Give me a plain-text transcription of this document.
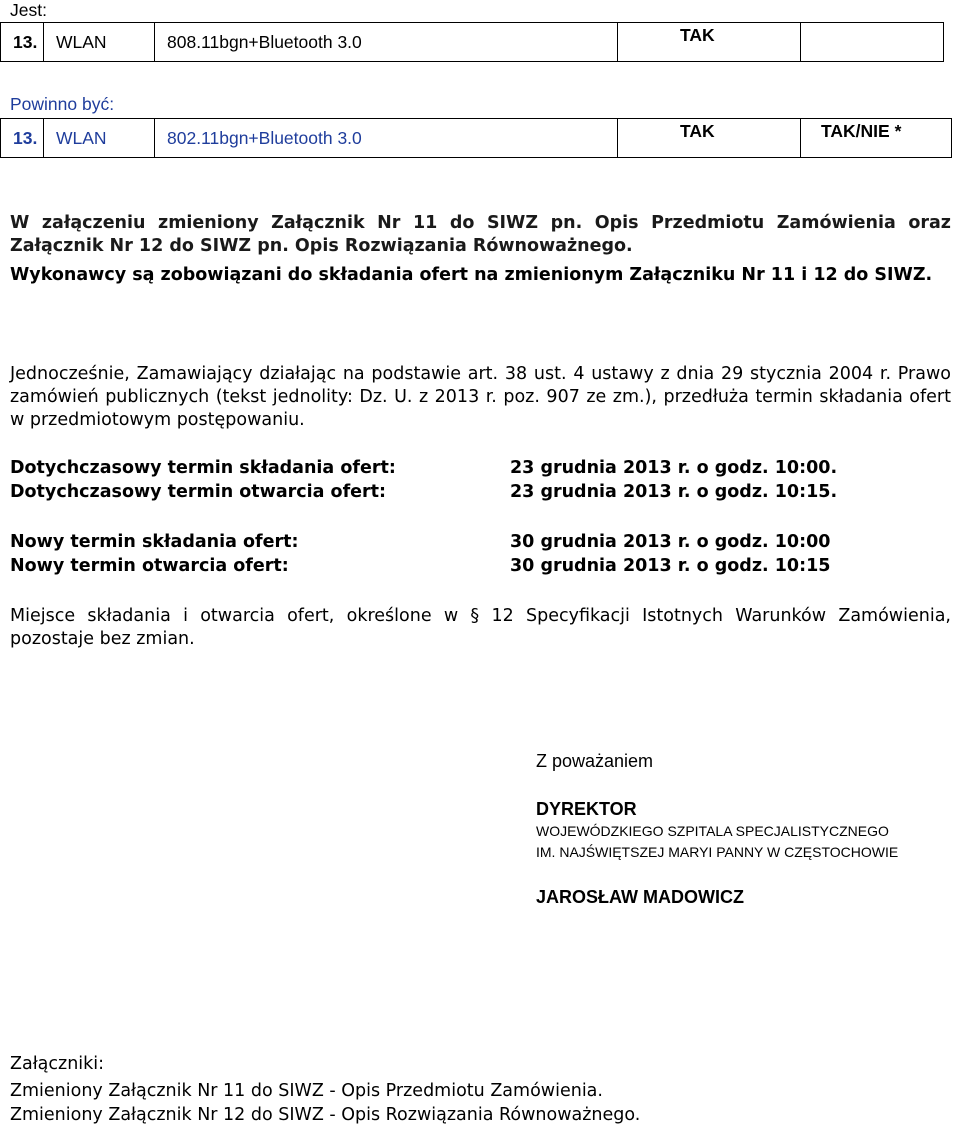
Jest:
13.	WLAN	808.11bgn+Bluetooth 3.0	TAK	
Powinno być:
13.	WLAN	802.11bgn+Bluetooth 3.0	TAK	TAK/NIE *
W załączeniu zmieniony Załącznik Nr 11 do SIWZ pn. Opis Przedmiotu Zamówienia oraz Załącznik Nr 12 do SIWZ pn. Opis Rozwiązania Równoważnego.
Wykonawcy są zobowiązani do składania ofert na zmienionym Załączniku Nr 11 i 12 do SIWZ.
Jednocześnie, Zamawiający działając na podstawie art. 38 ust. 4 ustawy z dnia 29 stycznia 2004 r. Prawo zamówień publicznych (tekst jednolity: Dz. U. z 2013 r. poz. 907 ze zm.), przedłuża termin składania ofert w przedmiotowym postępowaniu.
Dotychczasowy termin składania ofert:	23 grudnia 2013 r. o godz. 10:00.
Dotychczasowy termin otwarcia ofert:	23 grudnia 2013 r. o godz. 10:15.
Nowy termin składania ofert:	30 grudnia 2013 r. o godz. 10:00
Nowy termin otwarcia ofert:	30 grudnia 2013 r. o godz. 10:15
Miejsce składania i otwarcia ofert, określone w § 12 Specyfikacji Istotnych Warunków Zamówienia, pozostaje bez zmian.
Z poważaniem
DYREKTOR
WOJEWÓDZKIEGO SZPITALA SPECJALISTYCZNEGO
IM. NAJŚWIĘTSZEJ MARYI PANNY W CZĘSTOCHOWIE
JAROSŁAW MADOWICZ
Załączniki:
Zmieniony Załącznik Nr 11 do SIWZ - Opis Przedmiotu Zamówienia.
Zmieniony Załącznik Nr 12 do SIWZ - Opis Rozwiązania Równoważnego.
